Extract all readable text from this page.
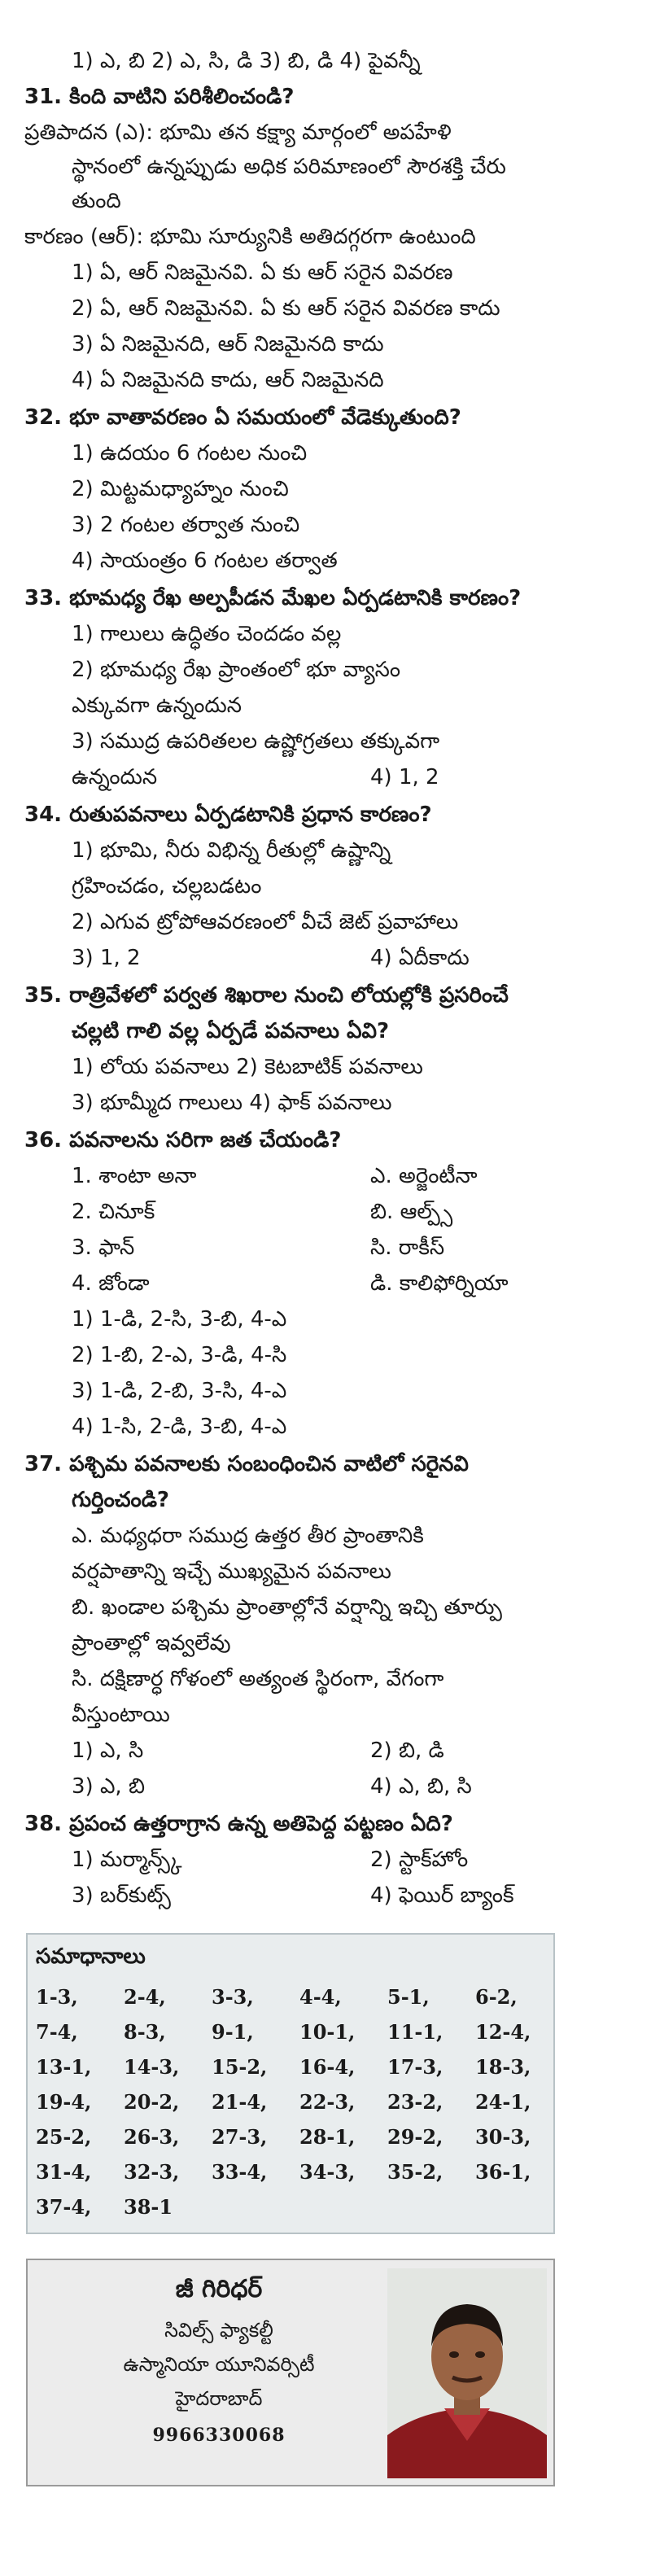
1) ఎ, బి 2) ఎ, సి, డి 3) బి, డి 4) పైవన్నీ
31. కింది వాటిని పరిశీలించండి?
ప్రతిపాదన (ఎ): భూమి తన కక్ష్యా మార్గంలో అపహేళి
స్థానంలో ఉన్నప్పుడు అధిక పరిమాణంలో సౌరశక్తి చేరు
తుంది
కారణం (ఆర్‌): భూమి సూర్యునికి అతిదగ్గరగా ఉంటుంది
1) ఏ, ఆర్‌ నిజమైనవి. ఏ కు ఆర్‌ సరైన వివరణ
2) ఏ, ఆర్‌ నిజమైనవి. ఏ కు ఆర్‌ సరైన వివరణ కాదు
3) ఏ నిజమైనది, ఆర్‌ నిజమైనది కాదు
4) ఏ నిజమైనది కాదు, ఆర్‌ నిజమైనది
32. భూ వాతావరణం ఏ సమయంలో వేడెక్కుతుంది?
1) ఉదయం 6 గంటల నుంచి
2) మిట్టమధ్యాహ్నం నుంచి
3) 2 గంటల తర్వాత నుంచి
4) సాయంత్రం 6 గంటల తర్వాత
33. భూమధ్య రేఖ అల్పపీడన మేఖల ఏర్పడటానికి కారణం?
1) గాలులు ఉద్ధితం చెందడం వల్ల
2) భూమధ్య రేఖ ప్రాంతంలో భూ వ్యాసం
ఎక్కువగా ఉన్నందున
3) సముద్ర ఉపరితలల ఉష్ణోగ్రతలు తక్కువగా
ఉన్నందున	4) 1, 2
34. రుతుపవనాలు ఏర్పడటానికి ప్రధాన కారణం?
1) భూమి, నీరు విభిన్న రీతుల్లో ఉష్ణాన్ని
గ్రహించడం, చల్లబడటం
2) ఎగువ ట్రోపోఆవరణంలో వీచే జెట్‌ ప్రవాహాలు
3) 1, 2	4) ఏదీకాదు
35. రాత్రివేళలో పర్వత శిఖరాల నుంచి లోయల్లోకి ప్రసరించే
చల్లటి గాలి వల్ల ఏర్పడే పవనాలు ఏవి?
1) లోయ పవనాలు 2) కెటబాటిక్‌ పవనాలు
3) భూమ్మీద గాలులు 4) ఫాక్‌ పవనాలు
36. పవనాలను సరిగా జత చేయండి?
1. శాంటా అనా	ఎ. అర్జెంటీనా
2. చినూక్‌	బి. ఆల్ప్స్‌
3. ఫాన్‌	సి. రాకీస్‌
4. జోండా	డి. కాలిఫోర్నియా
1) 1-డి, 2-సి, 3-బి, 4-ఎ
2) 1-బి, 2-ఎ, 3-డి, 4-సి
3) 1-డి, 2-బి, 3-సి, 4-ఎ
4) 1-సి, 2-డి, 3-బి, 4-ఎ
37. పశ్చిమ పవనాలకు సంబంధించిన వాటిలో సరైనవి
గుర్తించండి?
ఎ. మధ్యధరా సముద్ర ఉత్తర తీర ప్రాంతానికి
వర్షపాతాన్ని ఇచ్చే ముఖ్యమైన పవనాలు
బి. ఖండాల పశ్చిమ ప్రాంతాల్లోనే వర్షాన్ని ఇచ్చి తూర్పు
ప్రాంతాల్లో ఇవ్వలేవు
సి. దక్షిణార్ధ గోళంలో అత్యంత స్థిరంగా, వేగంగా
వీస్తుంటాయి
1) ఎ, సి	2) బి, డి
3) ఎ, బి	4) ఎ, బి, సి
38. ప్రపంచ ఉత్తరాగ్రాన ఉన్న అతిపెద్ద పట్టణం ఏది?
1) మర్మాన్స్క్‌	2) స్టాక్‌హోం
3) బర్‌కుట్స్‌	4) ఫెయిర్‌ బ్యాంక్‌
సమాధానాలు
1-3, 2-4, 3-3, 4-4, 5-1, 6-2,
7-4, 8-3, 9-1, 10-1, 11-1, 12-4,
13-1, 14-3, 15-2, 16-4, 17-3, 18-3,
19-4, 20-2, 21-4, 22-3, 23-2, 24-1,
25-2, 26-3, 27-3, 28-1, 29-2, 30-3,
31-4, 32-3, 33-4, 34-3, 35-2, 36-1,
37-4, 38-1
జీ గిరిధర్‌
సివిల్స్‌ ఫ్యాకల్టీ
ఉస్మానియా యూనివర్సిటీ
హైదరాబాద్‌
9966330068
